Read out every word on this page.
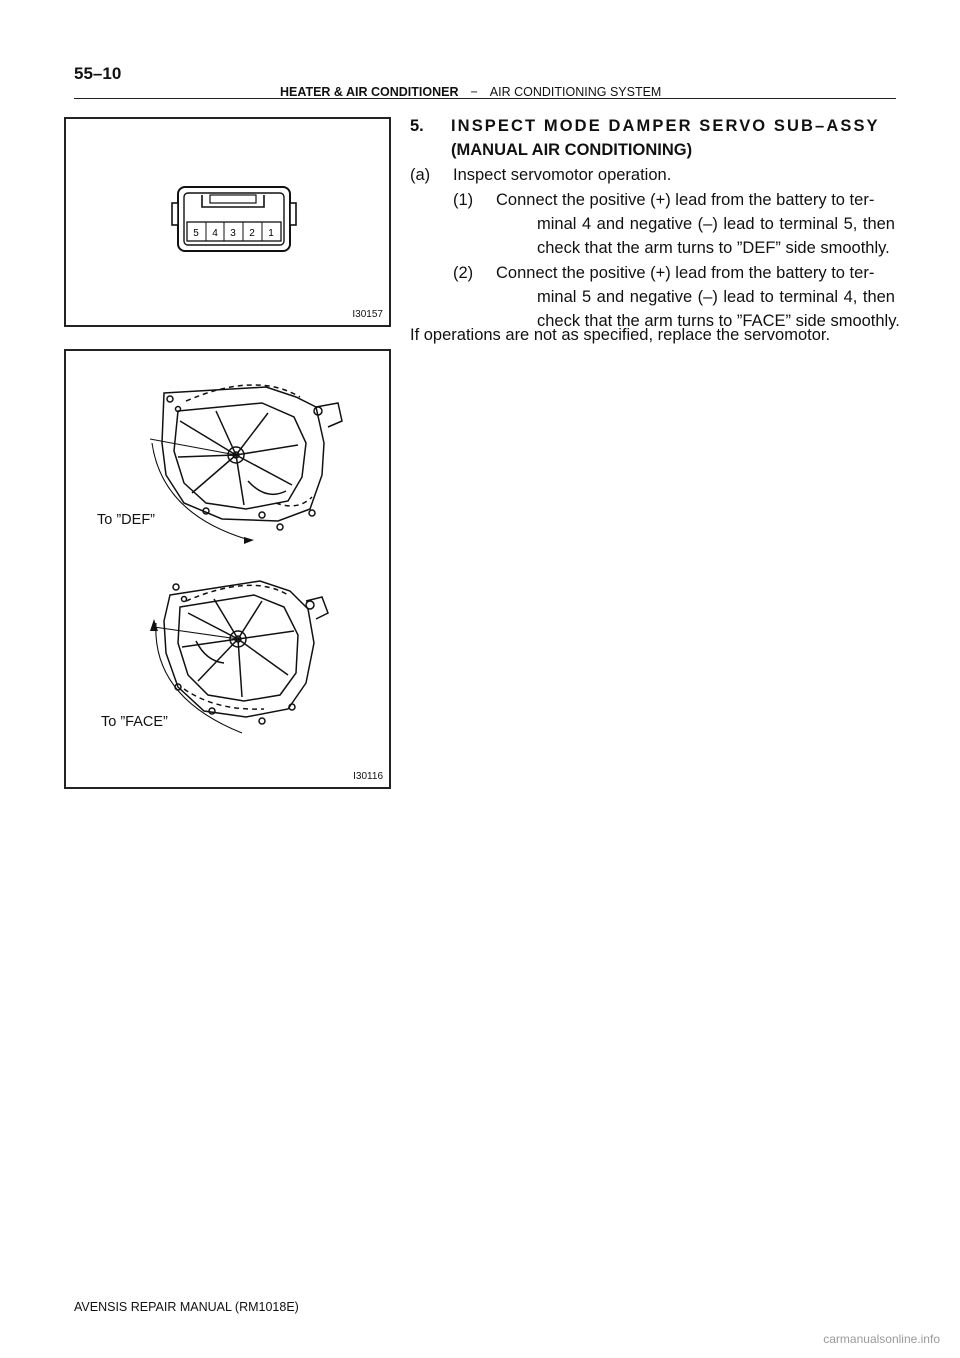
55–10
HEATER & AIR CONDITIONER − AIR CONDITIONING SYSTEM
5 4 3 2 1
I30157
To ”DEF”
To ”FACE”
I30116
5. INSPECT MODE DAMPER SERVO SUB–ASSY
(MANUAL AIR CONDITIONING)
(a) Inspect servomotor operation.
(1) Connect the positive (+) lead from the battery to ter-
minal 4 and negative (–) lead to terminal 5, then
check that the arm turns to ”DEF” side smoothly.
(2) Connect the positive (+) lead from the battery to ter-
minal 5 and negative (–) lead to terminal 4, then
check that the arm turns to ”FACE” side smoothly.
If operations are not as specified, replace the servomotor.
AVENSIS REPAIR MANUAL (RM1018E)
carmanualsonline.info
